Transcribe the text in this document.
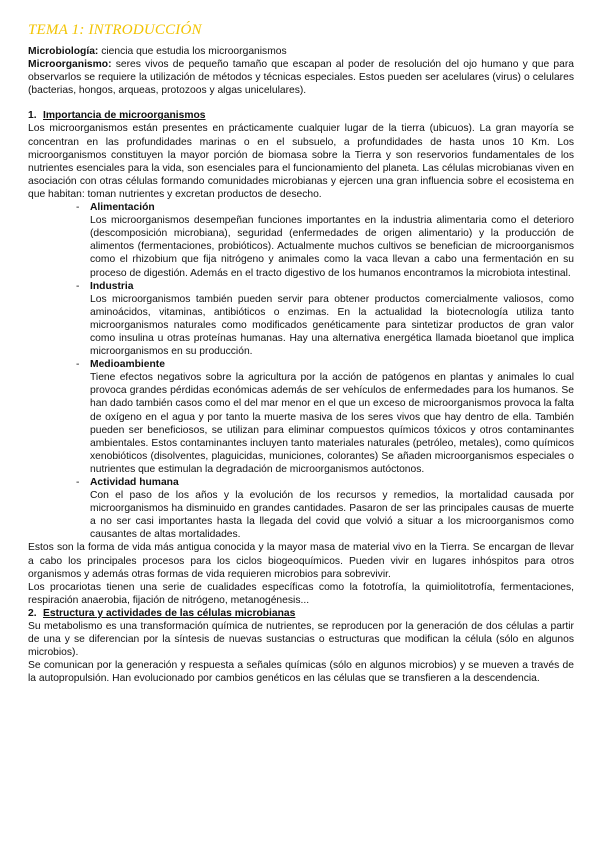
TEMA 1: INTRODUCCIÓN

Microbiología: ciencia que estudia los microorganismos

Microorganismo: seres vivos de pequeño tamaño que escapan al poder de resolución del ojo humano y que para observarlos se requiere la utilización de métodos y técnicas especiales. Estos pueden ser acelulares (virus) o celulares (bacterias, hongos, arqueas, protozoos y algas unicelulares).

1. Importancia de microorganismos

Los microorganismos están presentes en prácticamente cualquier lugar de la tierra (ubicuos). La gran mayoría se concentran en las profundidades marinas o en el subsuelo, a profundidades de hasta unos 10 Km. Los microorganismos constituyen la mayor porción de biomasa sobre la Tierra y son reservorios fundamentales de los nutrientes esenciales para la vida, son esenciales para el funcionamiento del planeta. Las células microbianas viven en asociación con otras células formando comunidades microbianas y ejercen una gran influencia sobre el ecosistema en que habitan: toman nutrientes y excretan productos de desecho.

-	Alimentación

Los microorganismos desempeñan funciones importantes en la industria alimentaria como el deterioro (descomposición microbiana), seguridad (enfermedades de origen alimentario) y la producción de alimentos (fermentaciones, probióticos). Actualmente muchos cultivos se benefician de microorganismos como el rhizobium que fija nitrógeno y animales como la vaca llevan a cabo una fermentación en su proceso de digestión. Además en el tracto digestivo de los humanos encontramos la microbiota intestinal.

-	Industria

Los microorganismos también pueden servir para obtener productos comercialmente valiosos, como aminoácidos, vitaminas, antibióticos o enzimas. En la actualidad la biotecnología utiliza tanto microorganismos naturales como modificados genéticamente para sintetizar productos de gran valor como insulina u otras proteínas humanas. Hay una alternativa energética llamada bioetanol que implica microorganismos en su producción.

-	Medioambiente

Tiene efectos negativos sobre la agricultura por la acción de patógenos en plantas y animales lo cual provoca grandes pérdidas económicas además de ser vehículos de enfermedades para los humanos. Se han dado también casos como el del mar menor en el que un exceso de microorganismos provoca la falta de oxígeno en el agua y por tanto la muerte masiva de los seres vivos que hay dentro de ella. También pueden ser beneficiosos, se utilizan para eliminar compuestos químicos tóxicos y otros contaminantes ambientales. Estos contaminantes incluyen tanto materiales naturales (petróleo, metales), como químicos xenobióticos (disolventes, plaguicidas, municiones, colorantes) Se añaden microorganismos especiales o nutrientes que estimulan la degradación de microorganismos autóctonos.

-	Actividad humana

Con el paso de los años y la evolución de los recursos y remedios, la mortalidad causada por microorganismos ha disminuido en grandes cantidades. Pasaron de ser las principales causas de muerte a no ser casi importantes hasta la llegada del covid que volvió a situar a los microorganismos como causantes de altas mortalidades.

Estos son la forma de vida más antigua conocida y la mayor masa de material vivo en la Tierra. Se encargan de llevar a cabo los principales procesos para los ciclos biogeoquímicos. Pueden vivir en lugares inhóspitos para otros organismos y además otras formas de vida requieren microbios para sobrevivir.

Los procariotas tienen una serie de cualidades específicas como la fototrofía, la quimiolitotrofía, fermentaciones, respiración anaerobia, fijación de nitrógeno, metanogénesis...

2. Estructura y actividades de las células microbianas

Su metabolismo es una transformación química de nutrientes, se reproducen por la generación de dos células a partir de una y se diferencian por la síntesis de nuevas sustancias o estructuras que modifican la célula (sólo en algunos microbios).

Se comunican por la generación y respuesta a señales químicas (sólo en algunos microbios) y se mueven a través de la autopropulsión. Han evolucionado por cambios genéticos en las células que se transfieren a la descendencia.
